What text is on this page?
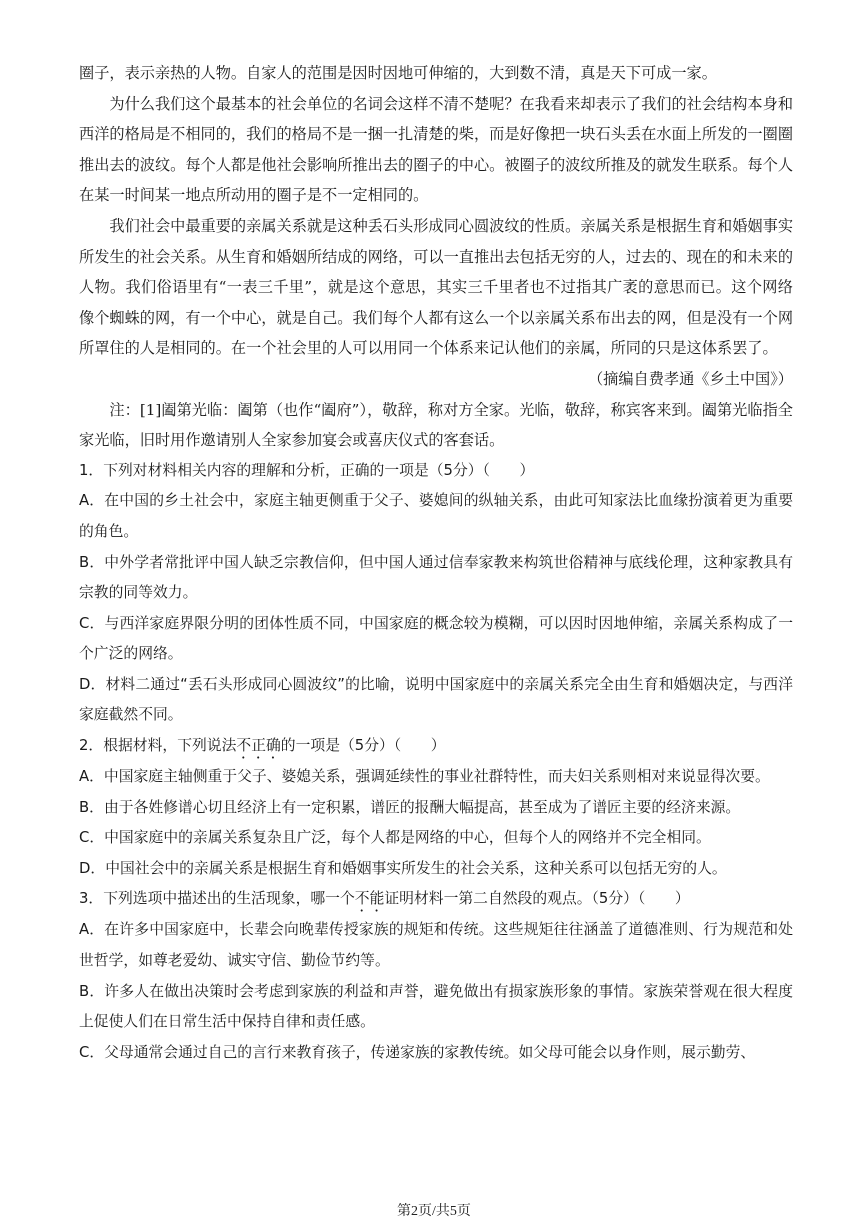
圈子，表示亲热的人物。自家人的范围是因时因地可伸缩的，大到数不清，真是天下可成一家。

为什么我们这个最基本的社会单位的名词会这样不清不楚呢？在我看来却表示了我们的社会结构本身和西洋的格局是不相同的，我们的格局不是一捆一扎清楚的柴，而是好像把一块石头丢在水面上所发的一圈圈推出去的波纹。每个人都是他社会影响所推出去的圈子的中心。被圈子的波纹所推及的就发生联系。每个人在某一时间某一地点所动用的圈子是不一定相同的。

我们社会中最重要的亲属关系就是这种丢石头形成同心圆波纹的性质。亲属关系是根据生育和婚姻事实所发生的社会关系。从生育和婚姻所结成的网络，可以一直推出去包括无穷的人，过去的、现在的和未来的人物。我们俗语里有“一表三千里”，就是这个意思，其实三千里者也不过指其广袤的意思而已。这个网络像个蜘蛛的网，有一个中心，就是自己。我们每个人都有这么一个以亲属关系布出去的网，但是没有一个网所罩住的人是相同的。在一个社会里的人可以用同一个体系来记认他们的亲属，所同的只是这体系罢了。

（摘编自费孝通《乡土中国》）

注：[1]阖第光临：阖第（也作“阖府”），敬辞，称对方全家。光临，敬辞，称宾客来到。阖第光临指全家光临，旧时用作邀请别人全家参加宴会或喜庆仪式的客套话。

1．下列对材料相关内容的理解和分析，正确的一项是（5分）（　　）

A．在中国的乡土社会中，家庭主轴更侧重于父子、婆媳间的纵轴关系，由此可知家法比血缘扮演着更为重要的角色。

B．中外学者常批评中国人缺乏宗教信仰，但中国人通过信奉家教来构筑世俗精神与底线伦理，这种家教具有宗教的同等效力。

C．与西洋家庭界限分明的团体性质不同，中国家庭的概念较为模糊，可以因时因地伸缩，亲属关系构成了一个广泛的网络。

D．材料二通过“丢石头形成同心圆波纹”的比喻，说明中国家庭中的亲属关系完全由生育和婚姻决定，与西洋家庭截然不同。

2．根据材料，下列说法不正确的一项是（5分）（　　）

A．中国家庭主轴侧重于父子、婆媳关系，强调延续性的事业社群特性，而夫妇关系则相对来说显得次要。

B．由于各姓修谱心切且经济上有一定积累，谱匠的报酬大幅提高，甚至成为了谱匠主要的经济来源。

C．中国家庭中的亲属关系复杂且广泛，每个人都是网络的中心，但每个人的网络并不完全相同。

D．中国社会中的亲属关系是根据生育和婚姻事实所发生的社会关系，这种关系可以包括无穷的人。

3．下列选项中描述出的生活现象，哪一个不能证明材料一第二自然段的观点。（5分）（　　）

A．在许多中国家庭中，长辈会向晚辈传授家族的规矩和传统。这些规矩往往涵盖了道德准则、行为规范和处世哲学，如尊老爱幼、诚实守信、勤俭节约等。

B．许多人在做出决策时会考虑到家族的利益和声誉，避免做出有损家族形象的事情。家族荣誉观在很大程度上促使人们在日常生活中保持自律和责任感。

C．父母通常会通过自己的言行来教育孩子，传递家族的家教传统。如父母可能会以身作则，展示勤劳、

第2页/共5页
